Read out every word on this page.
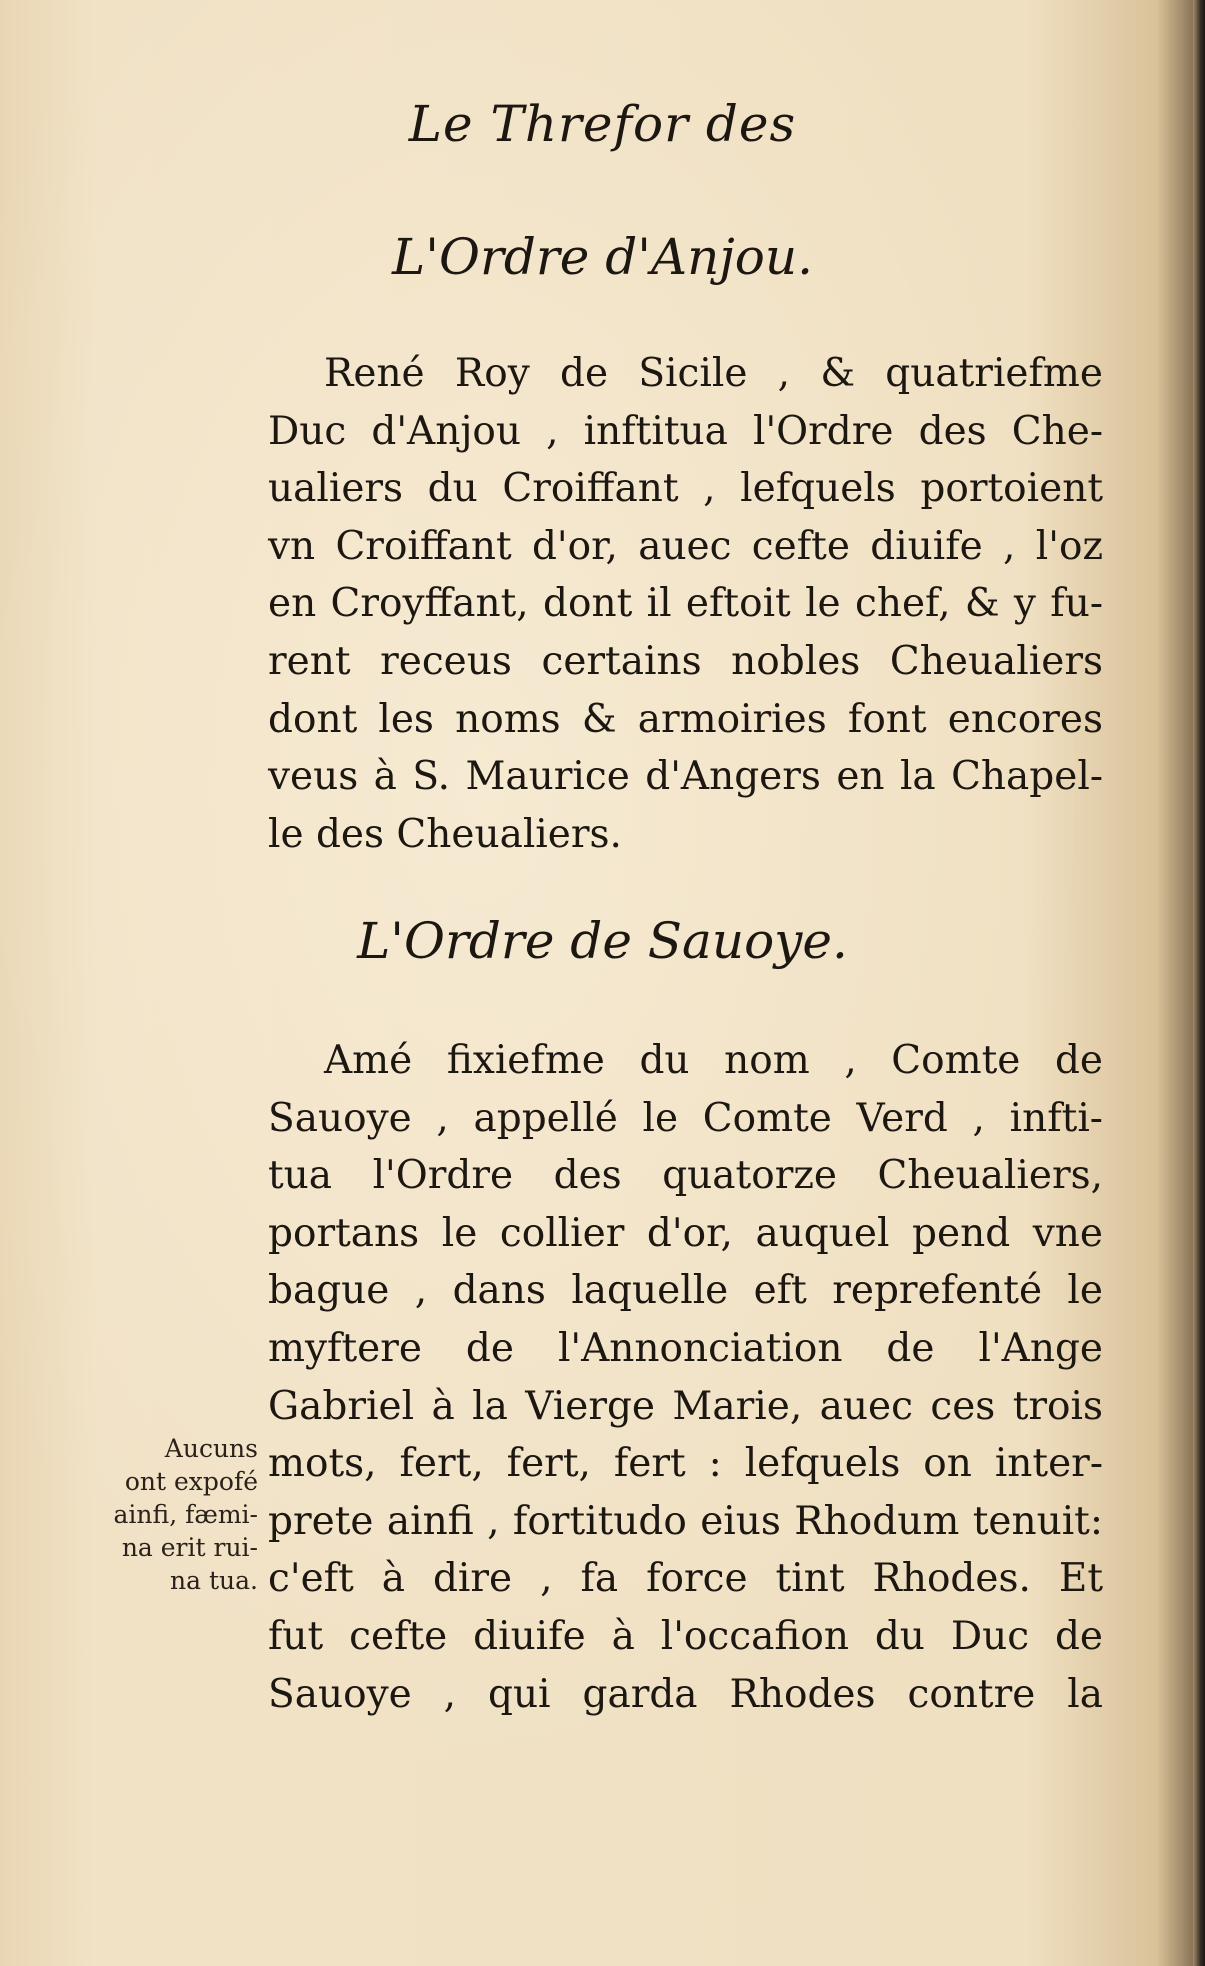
Le Threfor des
L'Ordre d'Anjou.
René Roy de Sicile , & quatriefme
Duc d'Anjou , inftitua l'Ordre des Che-
ualiers du Croiffant , lefquels portoient
vn Croiffant d'or, auec cefte diuife , l'oz
en Croyffant, dont il eftoit le chef, & y fu-
rent receus certains nobles Cheualiers
dont les noms & armoiries font encores
veus à S. Maurice d'Angers en la Chapel-
le des Cheualiers.
L'Ordre de Sauoye.
Amé fixiefme du nom , Comte de
Sauoye , appellé le Comte Verd , infti-
tua l'Ordre des quatorze Cheualiers,
portans le collier d'or, auquel pend vne
bague , dans laquelle eft reprefenté le
myftere de l'Annonciation de l'Ange
Gabriel à la Vierge Marie, auec ces trois
mots, fert, fert, fert : lefquels on inter-
prete ainfi , fortitudo eius Rhodum tenuit:
c'eft à dire , fa force tint Rhodes. Et
fut cefte diuife à l'occafion du Duc de
Sauoye , qui garda Rhodes contre la
Aucuns
ont expofé
ainfi, fæmi-
na erit rui-
na tua.
